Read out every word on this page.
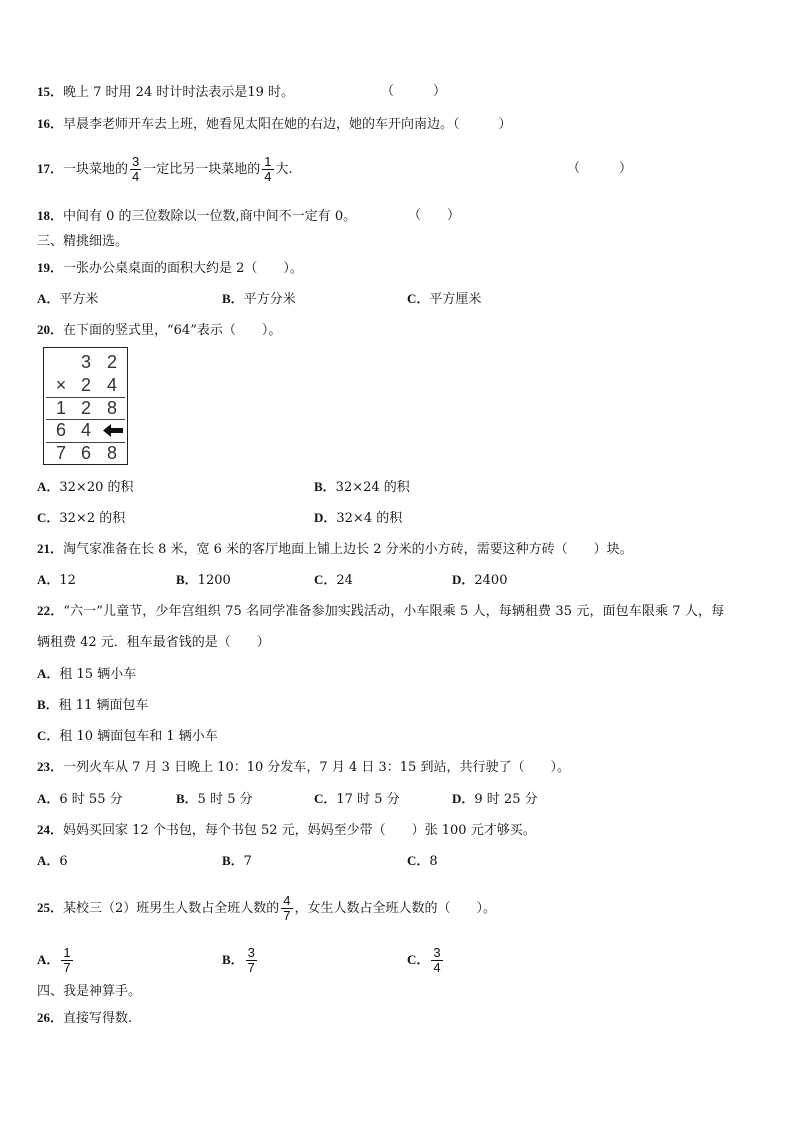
15．晚上 7 时用 24 时计时法表示是19 时。	（　　　）
16．早晨李老师开车去上班，她看见太阳在她的右边，她的车开向南边。（　　　）
17．一块菜地的 $\frac{3}{4}$ 一定比另一块菜地的 $\frac{1}{4}$ 大.	（　　　）
18．中间有 0 的三位数除以一位数,商中间不一定有 0。	（　　）
三、精挑细选。
19．一张办公桌桌面的面积大约是 2（　　）。
A．平方米	B．平方分米	C．平方厘米
20．在下面的竖式里，“64”表示（　　）。
3 2
× 2 4
1 2 8
6 4
7 6 8
A．32×20 的积	B．32×24 的积
C．32×2 的积	D．32×4 的积
21．淘气家准备在长 8 米，宽 6 米的客厅地面上铺上边长 2 分米的小方砖，需要这种方砖（　　）块。
A．12	B．1200	C．24	D．2400
22．“六一”儿童节，少年宫组织 75 名同学准备参加实践活动，小车限乘 5 人，每辆租费 35 元，面包车限乘 7 人，每
辆租费 42 元．租车最省钱的是（　　）
A．租 15 辆小车
B．租 11 辆面包车
C．租 10 辆面包车和 1 辆小车
23．一列火车从 7 月 3 日晚上 10：10 分发车，7 月 4 日 3：15 到站，共行驶了（　　）。
A．6 时 55 分	B．5 时 5 分	C．17 时 5 分	D．9 时 25 分
24．妈妈买回家 12 个书包，每个书包 52 元，妈妈至少带（　　）张 100 元才够买。
A．6	B．7	C．8
25．某校三（2）班男生人数占全班人数的 $\frac{4}{7}$ ，女生人数占全班人数的（　　）。
A． $\frac{1}{7}$	B． $\frac{3}{7}$	C． $\frac{3}{4}$
四、我是神算手。
26．直接写得数.
